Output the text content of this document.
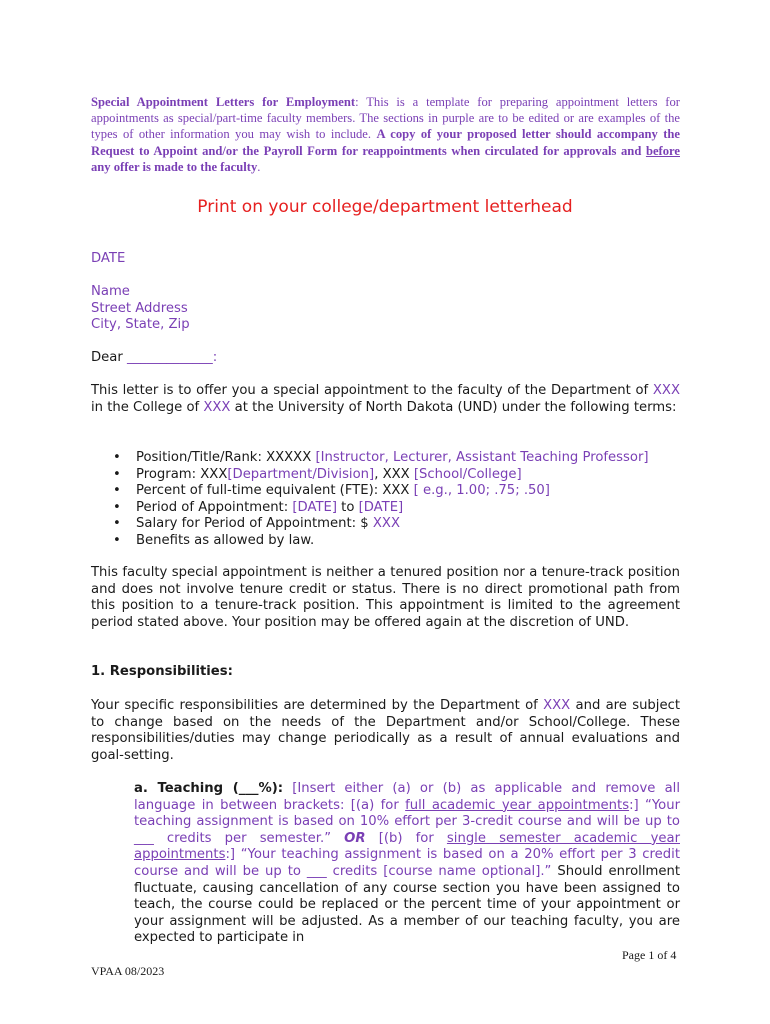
Special Appointment Letters for Employment: This is a template for preparing appointment letters for appointments as special/part-time faculty members. The sections in purple are to be edited or are examples of the types of other information you may wish to include. A copy of your proposed letter should accompany the Request to Appoint and/or the Payroll Form for reappointments when circulated for approvals and before any offer is made to the faculty.
Print on your college/department letterhead
DATE
Name
Street Address
City, State, Zip
Dear _____________:
This letter is to offer you a special appointment to the faculty of the Department of XXX in the College of XXX at the University of North Dakota (UND) under the following terms:
• Position/Title/Rank: XXXXX [Instructor, Lecturer, Assistant Teaching Professor]
• Program: XXX[Department/Division], XXX [School/College]
• Percent of full-time equivalent (FTE): XXX [ e.g., 1.00; .75; .50]
• Period of Appointment: [DATE] to [DATE]
• Salary for Period of Appointment: $ XXX
• Benefits as allowed by law.
This faculty special appointment is neither a tenured position nor a tenure-track position and does not involve tenure credit or status. There is no direct promotional path from this position to a tenure-track position. This appointment is limited to the agreement period stated above. Your position may be offered again at the discretion of UND.
1. Responsibilities:
Your specific responsibilities are determined by the Department of XXX and are subject to change based on the needs of the Department and/or School/College. These responsibilities/duties may change periodically as a result of annual evaluations and goal-setting.
a. Teaching (___%): [Insert either (a) or (b) as applicable and remove all language in between brackets: [(a) for full academic year appointments:] “Your teaching assignment is based on 10% effort per 3-credit course and will be up to ___ credits per semester.” OR [(b) for single semester academic year appointments:] “Your teaching assignment is based on a 20% effort per 3 credit course and will be up to ___ credits [course name optional].” Should enrollment fluctuate, causing cancellation of any course section you have been assigned to teach, the course could be replaced or the percent time of your appointment or your assignment will be adjusted. As a member of our teaching faculty, you are expected to participate in
Page 1 of 4
VPAA 08/2023
